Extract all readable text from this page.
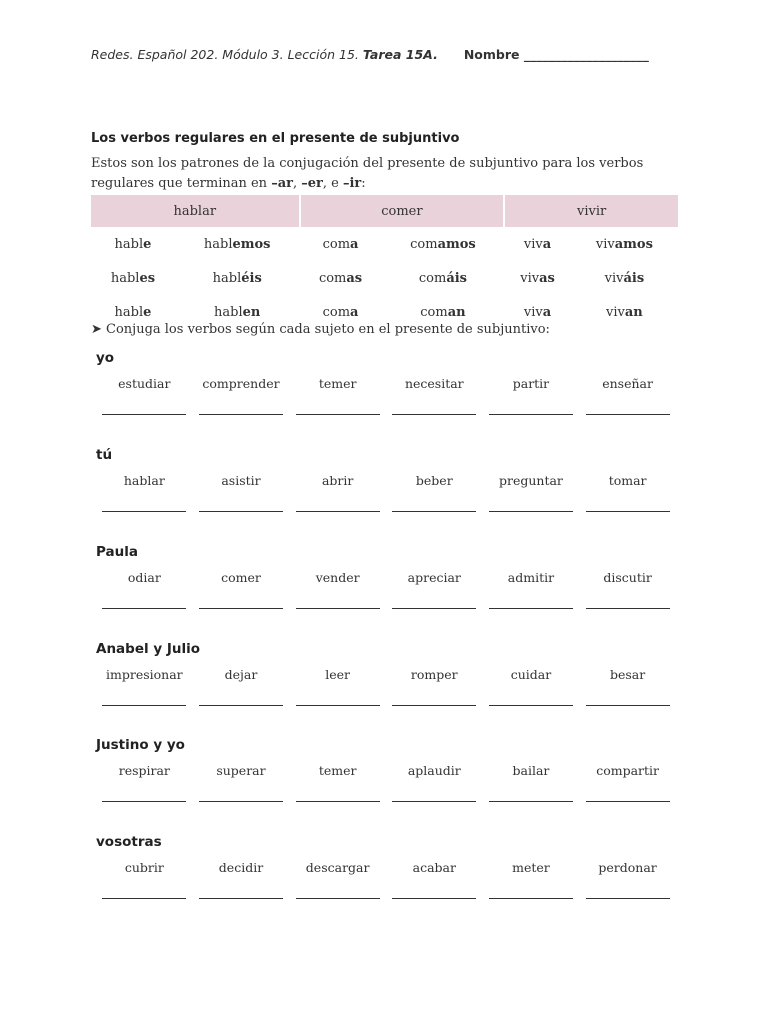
Redes. Español 202. Módulo 3. Lección 15. Tarea 15A. Nombre ____________________
Los verbos regulares en el presente de subjuntivo
Estos son los patrones de la conjugación del presente de subjuntivo para los verbos regulares que terminan en –ar, –er, e –ir:
hablar		comer		vivir	
hable	hablemos	coma	comamos	viva	vivamos
hables	habléis	comas	comáis	vivas	viváis
hable	hablen	coma	coman	viva	vivan
➤ Conjuga los verbos según cada sujeto en el presente de subjuntivo:
yo
estudiar	comprender	temer	necesitar	partir	enseñar
tú
hablar	asistir	abrir	beber	preguntar	tomar
Paula
odiar	comer	vender	apreciar	admitir	discutir
Anabel y Julio
impresionar	dejar	leer	romper	cuidar	besar
Justino y yo
respirar	superar	temer	aplaudir	bailar	compartir
vosotras
cubrir	decidir	descargar	acabar	meter	perdonar
